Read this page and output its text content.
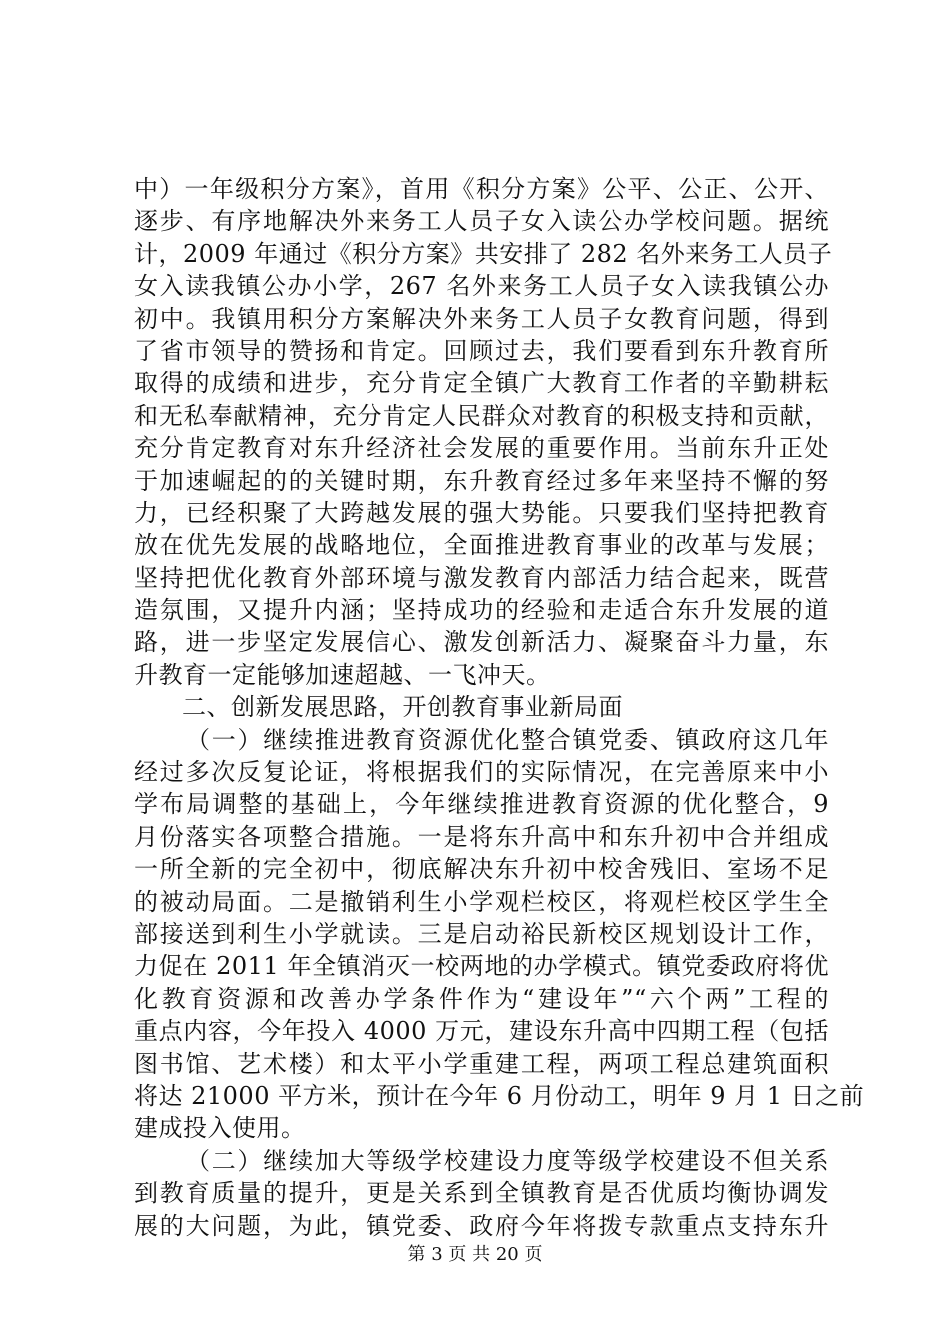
中）一年级积分方案》，首用《积分方案》公平、公正、公开、
逐步、有序地解决外来务工人员子女入读公办学校问题。据统
计，2009 年通过《积分方案》共安排了 282 名外来务工人员子
女入读我镇公办小学，267 名外来务工人员子女入读我镇公办
初中。我镇用积分方案解决外来务工人员子女教育问题，得到
了省市领导的赞扬和肯定。回顾过去，我们要看到东升教育所
取得的成绩和进步，充分肯定全镇广大教育工作者的辛勤耕耘
和无私奉献精神，充分肯定人民群众对教育的积极支持和贡献，
充分肯定教育对东升经济社会发展的重要作用。当前东升正处
于加速崛起的的关键时期，东升教育经过多年来坚持不懈的努
力，已经积聚了大跨越发展的强大势能。只要我们坚持把教育
放在优先发展的战略地位，全面推进教育事业的改革与发展；
坚持把优化教育外部环境与激发教育内部活力结合起来，既营
造氛围，又提升内涵；坚持成功的经验和走适合东升发展的道
路，进一步坚定发展信心、激发创新活力、凝聚奋斗力量，东
升教育一定能够加速超越、一飞冲天。
二、创新发展思路，开创教育事业新局面
（一）继续推进教育资源优化整合镇党委、镇政府这几年
经过多次反复论证，将根据我们的实际情况，在完善原来中小
学布局调整的基础上，今年继续推进教育资源的优化整合，9
月份落实各项整合措施。一是将东升高中和东升初中合并组成
一所全新的完全初中，彻底解决东升初中校舍残旧、室场不足
的被动局面。二是撤销利生小学观栏校区，将观栏校区学生全
部接送到利生小学就读。三是启动裕民新校区规划设计工作，
力促在 2011 年全镇消灭一校两地的办学模式。镇党委政府将优
化教育资源和改善办学条件作为“建设年”“六个两”工程的
重点内容，今年投入 4000 万元，建设东升高中四期工程（包括
图书馆、艺术楼）和太平小学重建工程，两项工程总建筑面积
将达 21000 平方米，预计在今年 6 月份动工，明年 9 月 1 日之前
建成投入使用。
（二）继续加大等级学校建设力度等级学校建设不但关系
到教育质量的提升，更是关系到全镇教育是否优质均衡协调发
展的大问题，为此，镇党委、政府今年将拨专款重点支持东升
第 3 页 共 20 页
